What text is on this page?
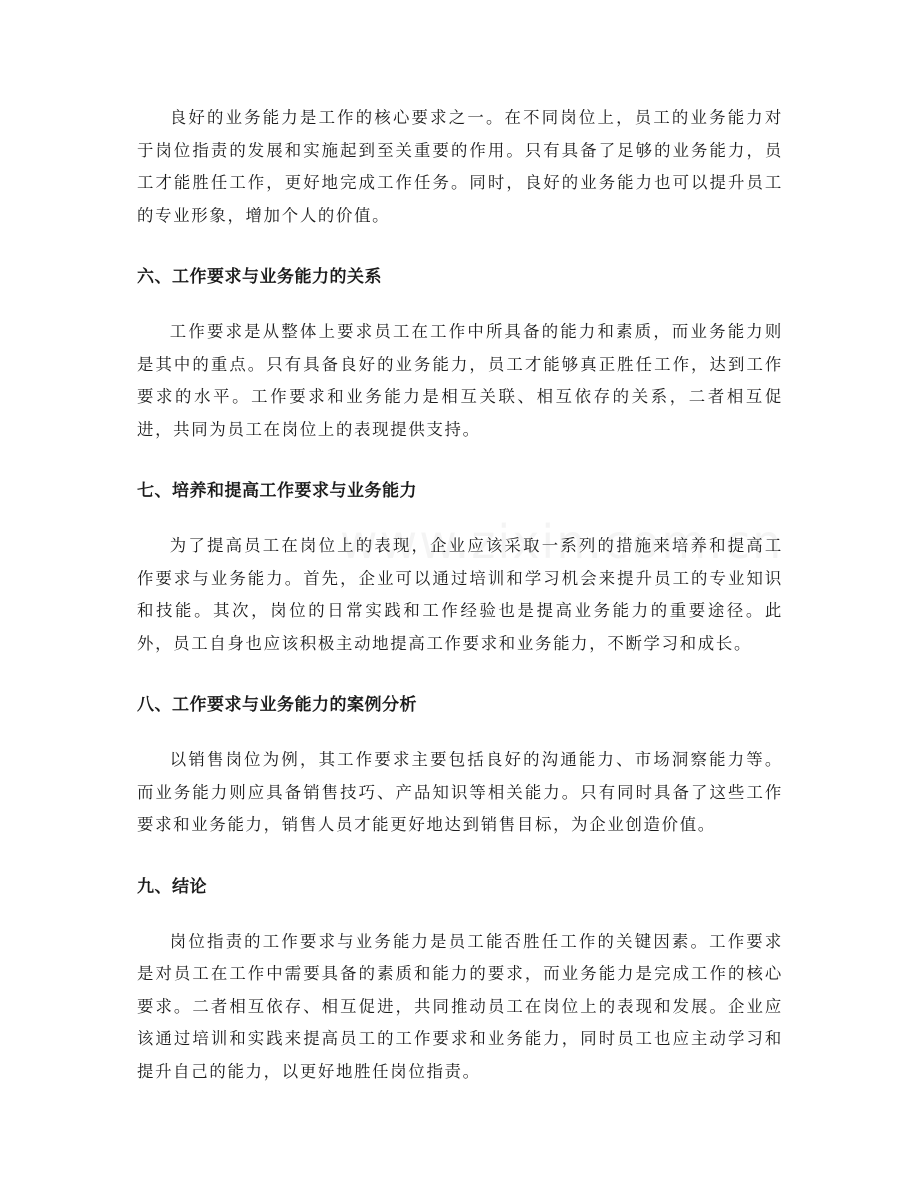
良好的业务能力是工作的核心要求之一。在不同岗位上，员工的业务能力对于岗位指责的发展和实施起到至关重要的作用。只有具备了足够的业务能力，员工才能胜任工作，更好地完成工作任务。同时，良好的业务能力也可以提升员工的专业形象，增加个人的价值。

六、工作要求与业务能力的关系

工作要求是从整体上要求员工在工作中所具备的能力和素质，而业务能力则是其中的重点。只有具备良好的业务能力，员工才能够真正胜任工作，达到工作要求的水平。工作要求和业务能力是相互关联、相互依存的关系，二者相互促进，共同为员工在岗位上的表现提供支持。

七、培养和提高工作要求与业务能力

为了提高员工在岗位上的表现，企业应该采取一系列的措施来培养和提高工作要求与业务能力。首先，企业可以通过培训和学习机会来提升员工的专业知识和技能。其次，岗位的日常实践和工作经验也是提高业务能力的重要途径。此外，员工自身也应该积极主动地提高工作要求和业务能力，不断学习和成长。

八、工作要求与业务能力的案例分析

以销售岗位为例，其工作要求主要包括良好的沟通能力、市场洞察能力等。而业务能力则应具备销售技巧、产品知识等相关能力。只有同时具备了这些工作要求和业务能力，销售人员才能更好地达到销售目标，为企业创造价值。

九、结论

岗位指责的工作要求与业务能力是员工能否胜任工作的关键因素。工作要求是对员工在工作中需要具备的素质和能力的要求，而业务能力是完成工作的核心要求。二者相互依存、相互促进，共同推动员工在岗位上的表现和发展。企业应该通过培训和实践来提高员工的工作要求和业务能力，同时员工也应主动学习和提升自己的能力，以更好地胜任岗位指责。
